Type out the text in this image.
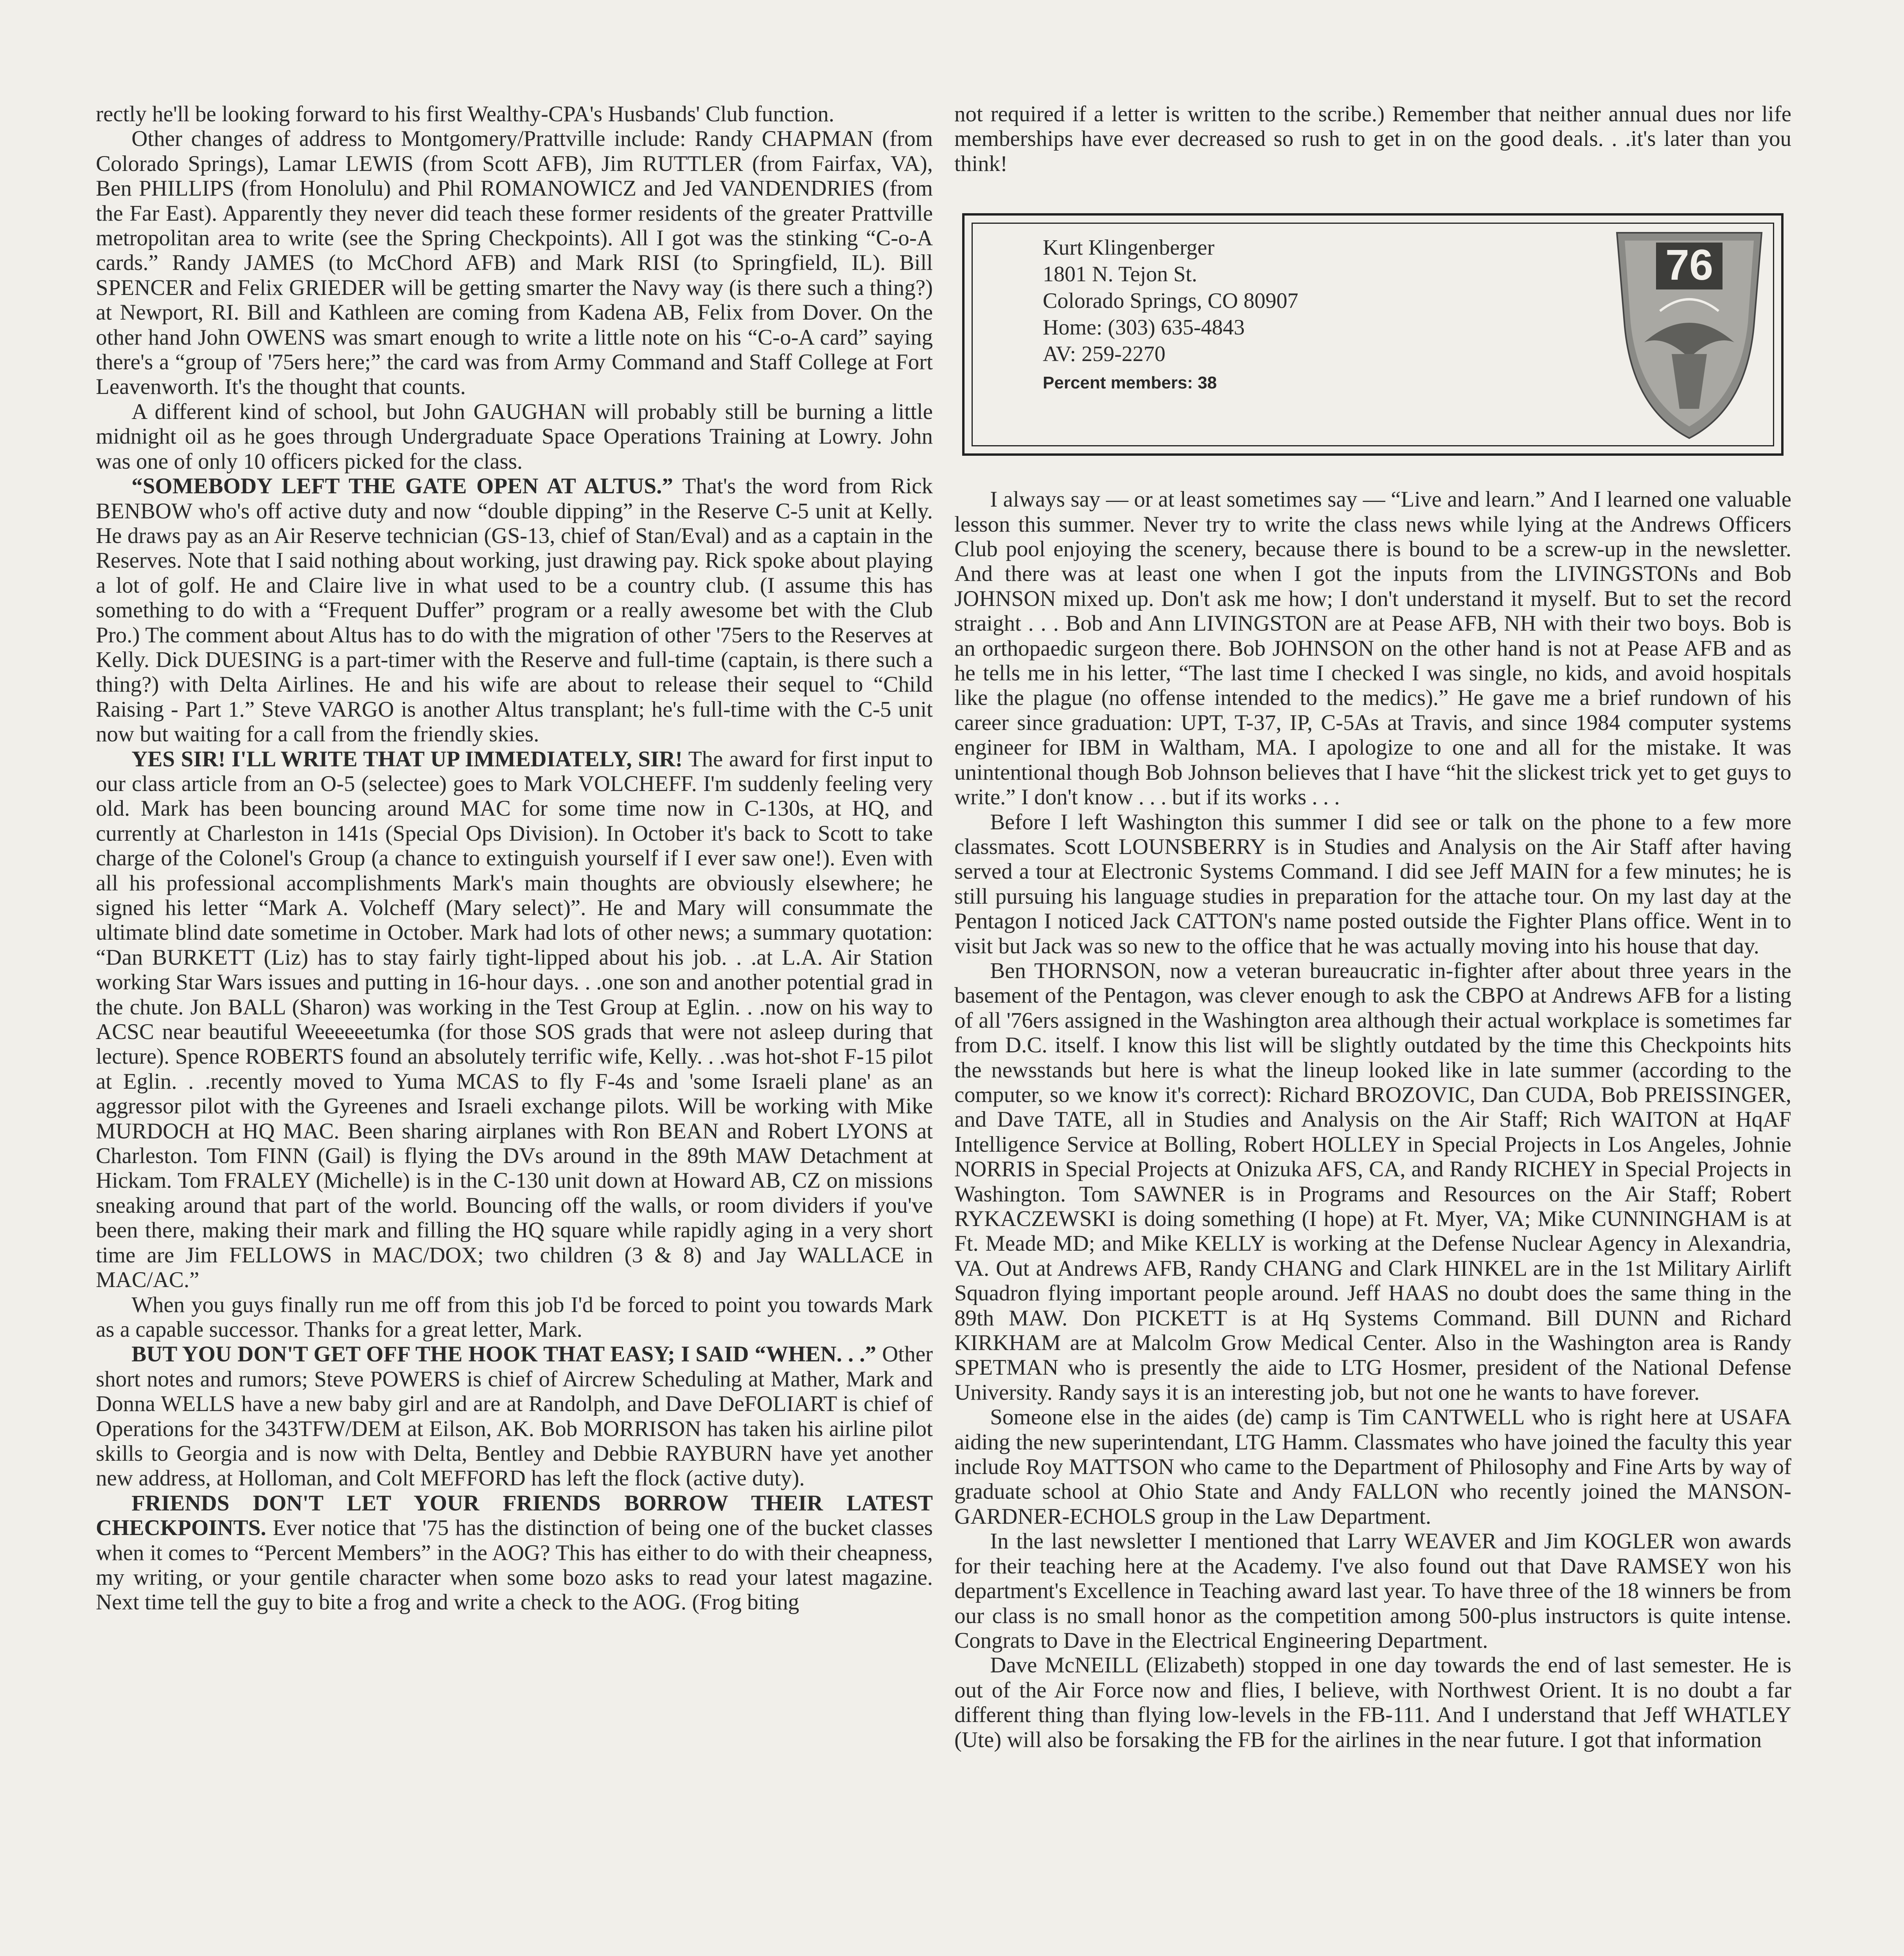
rectly he'll be looking forward to his first Wealthy-CPA's Husbands' Club function.

Other changes of address to Montgomery/Prattville include: Randy CHAPMAN (from Colorado Springs), Lamar LEWIS (from Scott AFB), Jim RUTTLER (from Fairfax, VA), Ben PHILLIPS (from Honolulu) and Phil ROMANOWICZ and Jed VANDENDRIES (from the Far East). Apparently they never did teach these former residents of the greater Prattville metropolitan area to write (see the Spring Checkpoints). All I got was the stinking “C-o-A cards.” Randy JAMES (to McChord AFB) and Mark RISI (to Springfield, IL). Bill SPENCER and Felix GRIEDER will be getting smarter the Navy way (is there such a thing?) at Newport, RI. Bill and Kathleen are coming from Kadena AB, Felix from Dover. On the other hand John OWENS was smart enough to write a little note on his “C-o-A card” saying there's a “group of '75ers here;” the card was from Army Command and Staff College at Fort Leavenworth. It's the thought that counts.

A different kind of school, but John GAUGHAN will probably still be burning a little midnight oil as he goes through Undergraduate Space Operations Training at Lowry. John was one of only 10 officers picked for the class.

“SOMEBODY LEFT THE GATE OPEN AT ALTUS.” That's the word from Rick BENBOW who's off active duty and now “double dipping” in the Reserve C-5 unit at Kelly. He draws pay as an Air Reserve technician (GS-13, chief of Stan/Eval) and as a captain in the Reserves. Note that I said nothing about working, just drawing pay. Rick spoke about playing a lot of golf. He and Claire live in what used to be a country club. (I assume this has something to do with a “Frequent Duffer” program or a really awesome bet with the Club Pro.) The comment about Altus has to do with the migration of other '75ers to the Reserves at Kelly. Dick DUESING is a part-timer with the Reserve and full-time (captain, is there such a thing?) with Delta Airlines. He and his wife are about to release their sequel to “Child Raising - Part 1.” Steve VARGO is another Altus transplant; he's full-time with the C-5 unit now but waiting for a call from the friendly skies.

YES SIR! I'LL WRITE THAT UP IMMEDIATELY, SIR! The award for first input to our class article from an O-5 (selectee) goes to Mark VOLCHEFF. I'm suddenly feeling very old. Mark has been bouncing around MAC for some time now in C-130s, at HQ, and currently at Charleston in 141s (Special Ops Division). In October it's back to Scott to take charge of the Colonel's Group (a chance to extinguish yourself if I ever saw one!). Even with all his professional accomplishments Mark's main thoughts are obviously elsewhere; he signed his letter “Mark A. Volcheff (Mary select)”. He and Mary will consummate the ultimate blind date sometime in October. Mark had lots of other news; a summary quotation: “Dan BURKETT (Liz) has to stay fairly tight-lipped about his job. . .at L.A. Air Station working Star Wars issues and putting in 16-hour days. . .one son and another potential grad in the chute. Jon BALL (Sharon) was working in the Test Group at Eglin. . .now on his way to ACSC near beautiful Weeeeeetumka (for those SOS grads that were not asleep during that lecture). Spence ROBERTS found an absolutely terrific wife, Kelly. . .was hot-shot F-15 pilot at Eglin. . .recently moved to Yuma MCAS to fly F-4s and 'some Israeli plane' as an aggressor pilot with the Gyreenes and Israeli exchange pilots. Will be working with Mike MURDOCH at HQ MAC. Been sharing airplanes with Ron BEAN and Robert LYONS at Charleston. Tom FINN (Gail) is flying the DVs around in the 89th MAW Detachment at Hickam. Tom FRALEY (Michelle) is in the C-130 unit down at Howard AB, CZ on missions sneaking around that part of the world. Bouncing off the walls, or room dividers if you've been there, making their mark and filling the HQ square while rapidly aging in a very short time are Jim FELLOWS in MAC/DOX; two children (3 & 8) and Jay WALLACE in MAC/AC.”

When you guys finally run me off from this job I'd be forced to point you towards Mark as a capable successor. Thanks for a great letter, Mark.

BUT YOU DON'T GET OFF THE HOOK THAT EASY; I SAID “WHEN. . .” Other short notes and rumors; Steve POWERS is chief of Aircrew Scheduling at Mather, Mark and Donna WELLS have a new baby girl and are at Randolph, and Dave DeFOLIART is chief of Operations for the 343TFW/DEM at Eilson, AK. Bob MORRISON has taken his airline pilot skills to Georgia and is now with Delta, Bentley and Debbie RAYBURN have yet another new address, at Holloman, and Colt MEFFORD has left the flock (active duty).

FRIENDS DON'T LET YOUR FRIENDS BORROW THEIR LATEST CHECKPOINTS. Ever notice that '75 has the distinction of being one of the bucket classes when it comes to “Percent Members” in the AOG? This has either to do with their cheapness, my writing, or your gentile character when some bozo asks to read your latest magazine. Next time tell the guy to bite a frog and write a check to the AOG. (Frog biting

not required if a letter is written to the scribe.) Remember that neither annual dues nor life memberships have ever decreased so rush to get in on the good deals. . .it's later than you think!

Kurt Klingenberger
1801 N. Tejon St.
Colorado Springs, CO 80907
Home: (303) 635-4843
AV: 259-2270
Percent members: 38
76

I always say — or at least sometimes say — “Live and learn.” And I learned one valuable lesson this summer. Never try to write the class news while lying at the Andrews Officers Club pool enjoying the scenery, because there is bound to be a screw-up in the newsletter. And there was at least one when I got the inputs from the LIVINGSTONs and Bob JOHNSON mixed up. Don't ask me how; I don't understand it myself. But to set the record straight . . . Bob and Ann LIVINGSTON are at Pease AFB, NH with their two boys. Bob is an orthopaedic surgeon there. Bob JOHNSON on the other hand is not at Pease AFB and as he tells me in his letter, “The last time I checked I was single, no kids, and avoid hospitals like the plague (no offense intended to the medics).” He gave me a brief rundown of his career since graduation: UPT, T-37, IP, C-5As at Travis, and since 1984 computer systems engineer for IBM in Waltham, MA. I apologize to one and all for the mistake. It was unintentional though Bob Johnson believes that I have “hit the slickest trick yet to get guys to write.” I don't know . . . but if its works . . .

Before I left Washington this summer I did see or talk on the phone to a few more classmates. Scott LOUNSBERRY is in Studies and Analysis on the Air Staff after having served a tour at Electronic Systems Command. I did see Jeff MAIN for a few minutes; he is still pursuing his language studies in preparation for the attache tour. On my last day at the Pentagon I noticed Jack CATTON's name posted outside the Fighter Plans office. Went in to visit but Jack was so new to the office that he was actually moving into his house that day.

Ben THORNSON, now a veteran bureaucratic in-fighter after about three years in the basement of the Pentagon, was clever enough to ask the CBPO at Andrews AFB for a listing of all '76ers assigned in the Washington area although their actual workplace is sometimes far from D.C. itself. I know this list will be slightly outdated by the time this Checkpoints hits the newsstands but here is what the lineup looked like in late summer (according to the computer, so we know it's correct): Richard BROZOVIC, Dan CUDA, Bob PREISSINGER, and Dave TATE, all in Studies and Analysis on the Air Staff; Rich WAITON at HqAF Intelligence Service at Bolling, Robert HOLLEY in Special Projects in Los Angeles, Johnie NORRIS in Special Projects at Onizuka AFS, CA, and Randy RICHEY in Special Projects in Washington. Tom SAWNER is in Programs and Resources on the Air Staff; Robert RYKACZEWSKI is doing something (I hope) at Ft. Myer, VA; Mike CUNNINGHAM is at Ft. Meade MD; and Mike KELLY is working at the Defense Nuclear Agency in Alexandria, VA. Out at Andrews AFB, Randy CHANG and Clark HINKEL are in the 1st Military Airlift Squadron flying important people around. Jeff HAAS no doubt does the same thing in the 89th MAW. Don PICKETT is at Hq Systems Command. Bill DUNN and Richard KIRKHAM are at Malcolm Grow Medical Center. Also in the Washington area is Randy SPETMAN who is presently the aide to LTG Hosmer, president of the National Defense University. Randy says it is an interesting job, but not one he wants to have forever.

Someone else in the aides (de) camp is Tim CANTWELL who is right here at USAFA aiding the new superintendant, LTG Hamm. Classmates who have joined the faculty this year include Roy MATTSON who came to the Department of Philosophy and Fine Arts by way of graduate school at Ohio State and Andy FALLON who recently joined the MANSON-GARDNER-ECHOLS group in the Law Department.

In the last newsletter I mentioned that Larry WEAVER and Jim KOGLER won awards for their teaching here at the Academy. I've also found out that Dave RAMSEY won his department's Excellence in Teaching award last year. To have three of the 18 winners be from our class is no small honor as the competition among 500-plus instructors is quite intense. Congrats to Dave in the Electrical Engineering Department.

Dave McNEILL (Elizabeth) stopped in one day towards the end of last semester. He is out of the Air Force now and flies, I believe, with Northwest Orient. It is no doubt a far different thing than flying low-levels in the FB-111. And I understand that Jeff WHATLEY (Ute) will also be forsaking the FB for the airlines in the near future. I got that information
